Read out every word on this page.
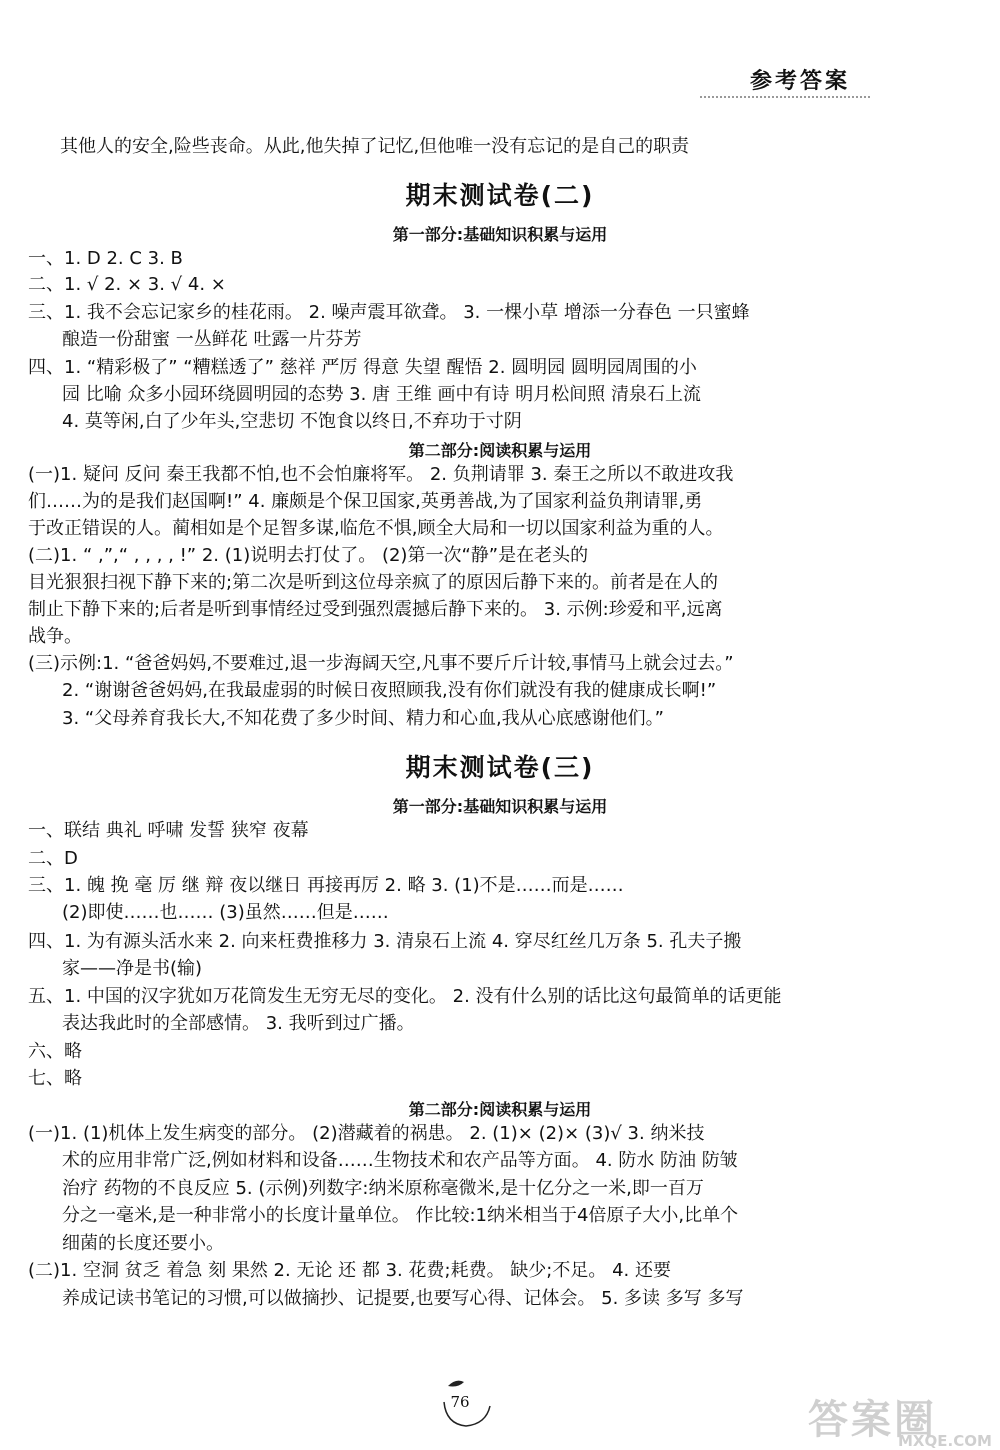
参考答案
其他人的安全,险些丧命。从此,他失掉了记忆,但他唯一没有忘记的是自己的职责
期末测试卷(二)
第一部分:基础知识积累与运用
一、1. D 2. C 3. B
二、1. √ 2. × 3. √ 4. ×
三、1. 我不会忘记家乡的桂花雨。 2. 噪声震耳欲聋。 3. 一棵小草 增添一分春色 一只蜜蜂
酿造一份甜蜜 一丛鲜花 吐露一片芬芳
四、1. “精彩极了” “糟糕透了” 慈祥 严厉 得意 失望 醒悟 2. 圆明园 圆明园周围的小
园 比喻 众多小园环绕圆明园的态势 3. 唐 王维 画中有诗 明月松间照 清泉石上流
4. 莫等闲,白了少年头,空悲切 不饱食以终日,不弃功于寸阴
第二部分:阅读积累与运用
(一)1. 疑问 反问 秦王我都不怕,也不会怕廉将军。 2. 负荆请罪 3. 秦王之所以不敢进攻我
们……为的是我们赵国啊!” 4. 廉颇是个保卫国家,英勇善战,为了国家利益负荆请罪,勇
于改正错误的人。蔺相如是个足智多谋,临危不惧,顾全大局和一切以国家利益为重的人。
(二)1. “ ,”,“ , , , , !” 2. (1)说明去打仗了。 (2)第一次“静”是在老头的
目光狠狠扫视下静下来的;第二次是听到这位母亲疯了的原因后静下来的。前者是在人的
制止下静下来的;后者是听到事情经过受到强烈震撼后静下来的。 3. 示例:珍爱和平,远离
战争。
(三)示例:1. “爸爸妈妈,不要难过,退一步海阔天空,凡事不要斤斤计较,事情马上就会过去。”
2. “谢谢爸爸妈妈,在我最虚弱的时候日夜照顾我,没有你们就没有我的健康成长啊!”
3. “父母养育我长大,不知花费了多少时间、精力和心血,我从心底感谢他们。”
期末测试卷(三)
第一部分:基础知识积累与运用
一、联结 典礼 呼啸 发誓 狭窄 夜幕
二、D
三、1. 魄 挽 毫 厉 继 辩 夜以继日 再接再厉 2. 略 3. (1)不是……而是……
(2)即使……也…… (3)虽然……但是……
四、1. 为有源头活水来 2. 向来枉费推移力 3. 清泉石上流 4. 穿尽红丝几万条 5. 孔夫子搬
家——净是书(输)
五、1. 中国的汉字犹如万花筒发生无穷无尽的变化。 2. 没有什么别的话比这句最简单的话更能
表达我此时的全部感情。 3. 我听到过广播。
六、略
七、略
第二部分:阅读积累与运用
(一)1. (1)机体上发生病变的部分。 (2)潜藏着的祸患。 2. (1)× (2)× (3)√ 3. 纳米技
术的应用非常广泛,例如材料和设备……生物技术和农产品等方面。 4. 防水 防油 防皱
治疗 药物的不良反应 5. (示例)列数字:纳米原称毫微米,是十亿分之一米,即一百万
分之一毫米,是一种非常小的长度计量单位。 作比较:1纳米相当于4倍原子大小,比单个
细菌的长度还要小。
(二)1. 空洞 贫乏 着急 刻 果然 2. 无论 还 都 3. 花费;耗费。 缺少;不足。 4. 还要
养成记读书笔记的习惯,可以做摘抄、记提要,也要写心得、记体会。 5. 多读 多写 多写
76	答案圈
MXQE.COM
